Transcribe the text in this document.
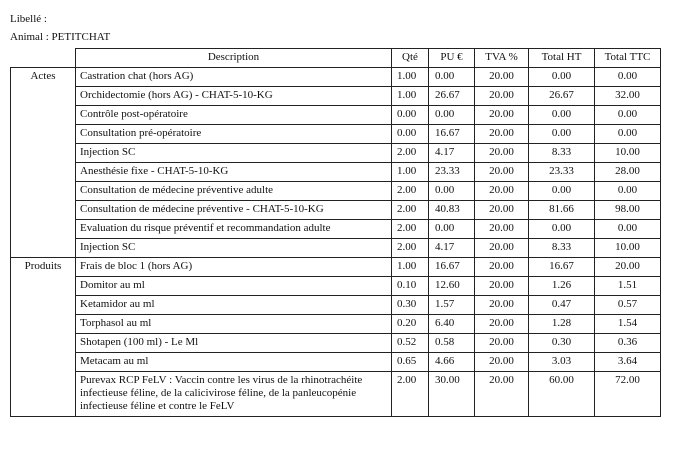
Libellé :
Animal : PETITCHAT
	Description	Qté	PU €	TVA %	Total HT	Total TTC
Actes	Castration chat (hors AG)	1.00	0.00	20.00	0.00	0.00
	Orchidectomie (hors AG) - CHAT-5-10-KG	1.00	26.67	20.00	26.67	32.00
	Contrôle post-opératoire	0.00	0.00	20.00	0.00	0.00
	Consultation pré-opératoire	0.00	16.67	20.00	0.00	0.00
	Injection SC	2.00	4.17	20.00	8.33	10.00
	Anesthésie fixe - CHAT-5-10-KG	1.00	23.33	20.00	23.33	28.00
	Consultation de médecine préventive adulte	2.00	0.00	20.00	0.00	0.00
	Consultation de médecine préventive - CHAT-5-10-KG	2.00	40.83	20.00	81.66	98.00
	Evaluation du risque préventif et recommandation adulte	2.00	0.00	20.00	0.00	0.00
	Injection SC	2.00	4.17	20.00	8.33	10.00
Produits	Frais de bloc 1 (hors AG)	1.00	16.67	20.00	16.67	20.00
	Domitor au ml	0.10	12.60	20.00	1.26	1.51
	Ketamidor au ml	0.30	1.57	20.00	0.47	0.57
	Torphasol au ml	0.20	6.40	20.00	1.28	1.54
	Shotapen (100 ml) - Le Ml	0.52	0.58	20.00	0.30	0.36
	Metacam au ml	0.65	4.66	20.00	3.03	3.64
	Purevax RCP FeLV : Vaccin contre les virus de la rhinotrachéite infectieuse féline, de la calicivirose féline, de la panleucopénie infectieuse féline et contre le FeLV	2.00	30.00	20.00	60.00	72.00
